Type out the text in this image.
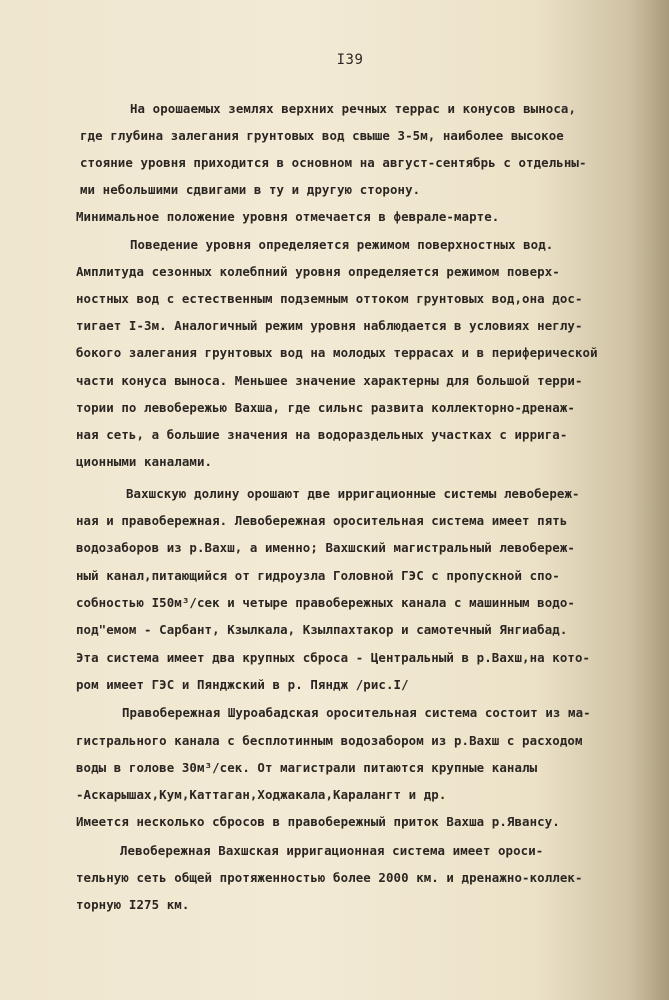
I39
На орошаемых землях верхних речных террас и конусов выноса,
где глубина залегания грунтовых вод свыше 3-5м, наиболее высокое
стояние уровня приходится в основном на август-сентябрь с отдельны-
ми небольшими сдвигами в ту и другую сторону.
Минимальное положение уровня отмечается в феврале-марте.
Поведение уровня определяется режимом поверхностных вод.
Амплитуда сезонных колебпний уровня определяется режимом поверх-
ностных вод с естественным подземным оттоком грунтовых вод,она дос-
тигает I-3м. Аналогичный режим уровня наблюдается в условиях неглу-
бокого залегания грунтовых вод на молодых террасах и в периферической
части конуса выноса. Меньшее значение характерны для большой терри-
тории по левобережью Вахша, где сильнс развита коллекторно-дренаж-
ная сеть, а большие значения на водораздельных участках с ирригa-
ционными каналами.
Вахшскую долину орошают две ирригационные системы левобереж-
ная и правобережная. Левобережная оросительная система имеет пять
водозаборов из р.Вахш, а именно; Вахшский магистральный левобереж-
ный канал,питающийся от гидроузла Головной ГЭС с пропускной спо-
собностью I50м³/сек и четыре правобережных канала с машинным водо-
под"емом - Сарбант, Кзылкала, Кзылпахтакор и самотечный Янгиабад.
Эта система имеет два крупных сброса - Центральный в р.Вахш,на кото-
ром имеет ГЭС и Пянджский в р. Пяндж /рис.I/
Правобережная Шуроабадская оросительная система состоит из ма-
гистрального канала с бесплотинным водозабором из р.Вахш с расходом
воды в голове 30м³/сек. От магистрали питаются крупные каналы
-Аскарышах,Кум,Каттаган,Ходжакала,Каралангт и др.
Имеется несколько сбросов в правобережный приток Вахша р.Явансу.
Левобережная Вахшская ирригационная система имеет ороси-
тельную сеть общей протяженностью более 2000 км. и дренажно-коллек-
торную I275 км.
